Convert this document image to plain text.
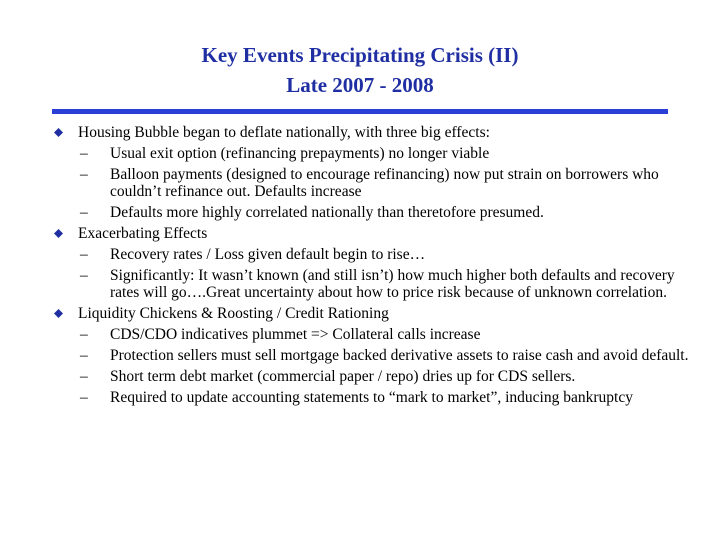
Key Events Precipitating Crisis (II)
Late 2007 - 2008
Housing Bubble began to deflate nationally, with three big effects:
–	Usual exit option (refinancing prepayments) no longer viable
–	Balloon payments (designed to encourage refinancing) now put strain on borrowers who couldn’t refinance out. Defaults increase
–	Defaults more highly correlated nationally than theretofore presumed.
Exacerbating Effects
–	Recovery rates / Loss given default begin to rise…
–	Significantly: It wasn’t known (and still isn’t) how much higher both defaults and recovery rates will go….Great uncertainty about how to price risk because of unknown correlation.
Liquidity Chickens & Roosting / Credit Rationing
–	CDS/CDO indicatives plummet => Collateral calls increase
–	Protection sellers must sell mortgage backed derivative assets to raise cash and avoid default.
–	Short term debt market (commercial paper / repo) dries up for CDS sellers.
–	Required to update accounting statements to “mark to market”, inducing bankruptcy
